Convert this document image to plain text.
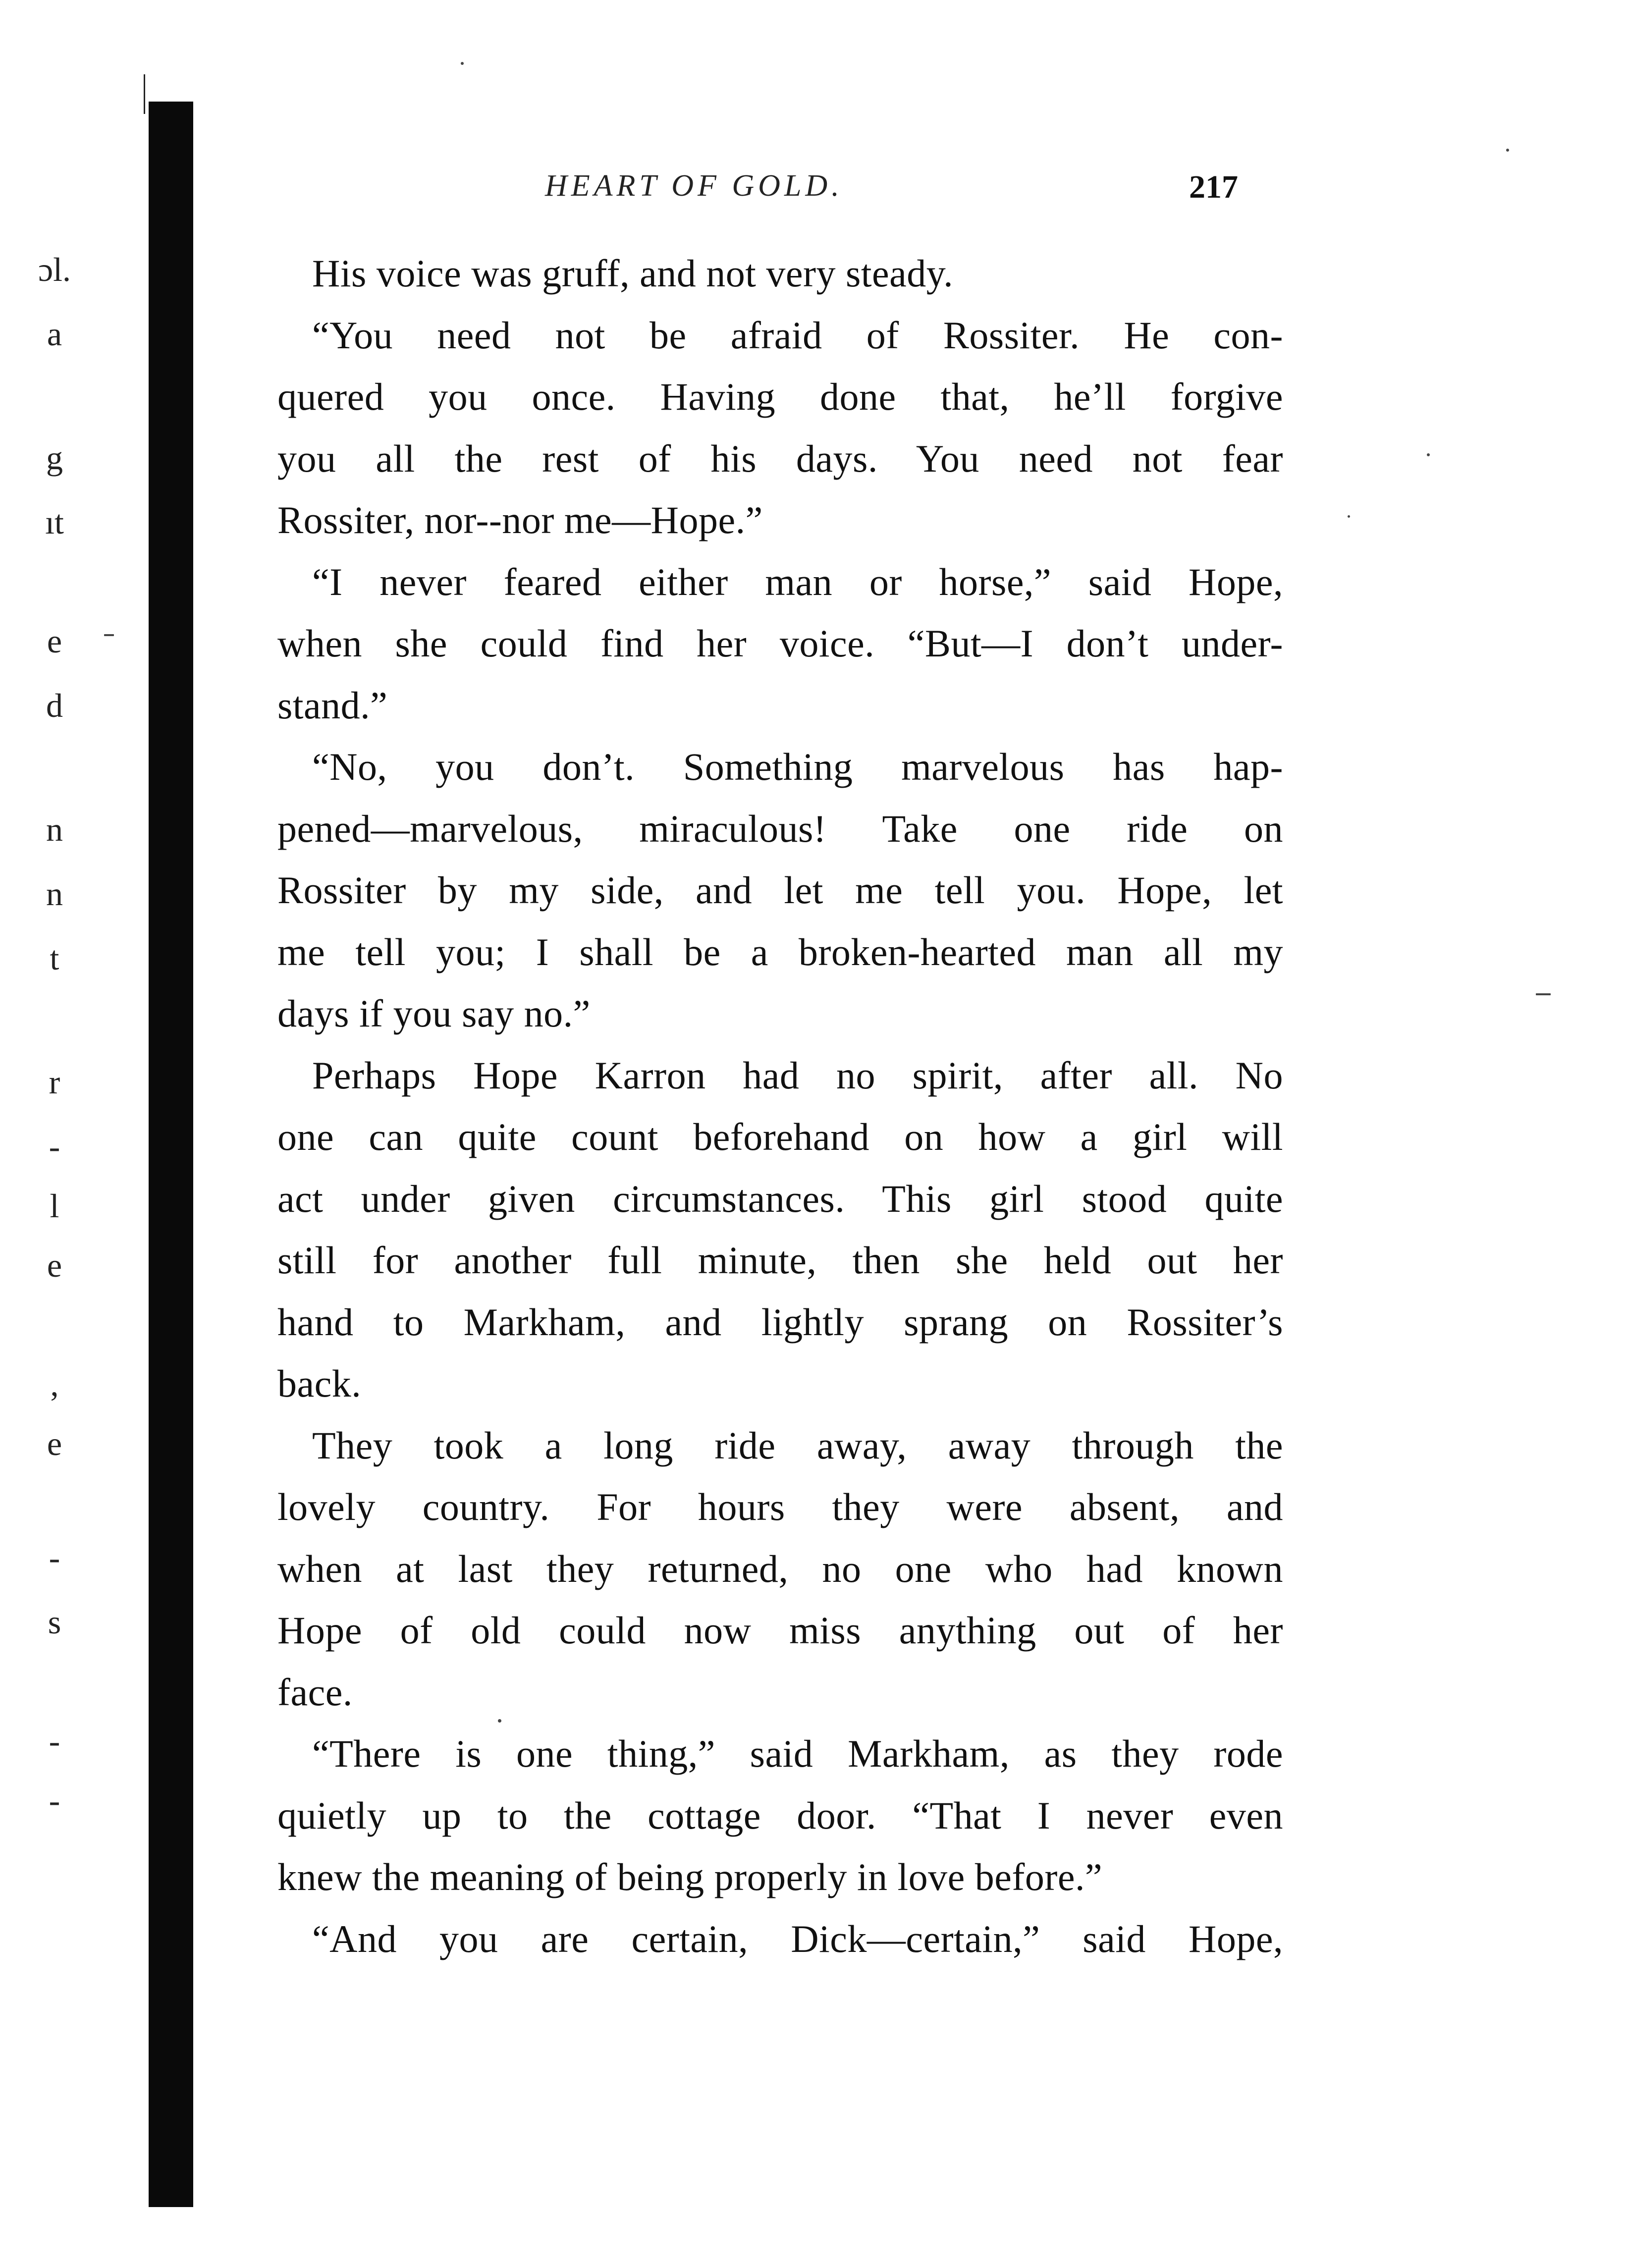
ɔl.
a
g
ıt
e
d
n
n
t
r
-
l
e
,
e
-
s
-
-
HEART OF GOLD.	217
His voice was gruff, and not very steady.
“You need not be afraid of Rossiter. He con-
quered you once. Having done that, he’ll forgive
you all the rest of his days. You need not fear
Rossiter, nor--nor me—Hope.”
“I never feared either man or horse,” said Hope,
when she could find her voice. “But—I don’t under-
stand.”
“No, you don’t. Something marvelous has hap-
pened—marvelous, miraculous! Take one ride on
Rossiter by my side, and let me tell you. Hope, let
me tell you; I shall be a broken-hearted man all my
days if you say no.”
Perhaps Hope Karron had no spirit, after all. No
one can quite count beforehand on how a girl will
act under given circumstances. This girl stood quite
still for another full minute, then she held out her
hand to Markham, and lightly sprang on Rossiter’s
back.
They took a long ride away, away through the
lovely country. For hours they were absent, and
when at last they returned, no one who had known
Hope of old could now miss anything out of her
face.
“There is one thing,” said Markham, as they rode
quietly up to the cottage door. “That I never even
knew the meaning of being properly in love before.”
“And you are certain, Dick—certain,” said Hope,
